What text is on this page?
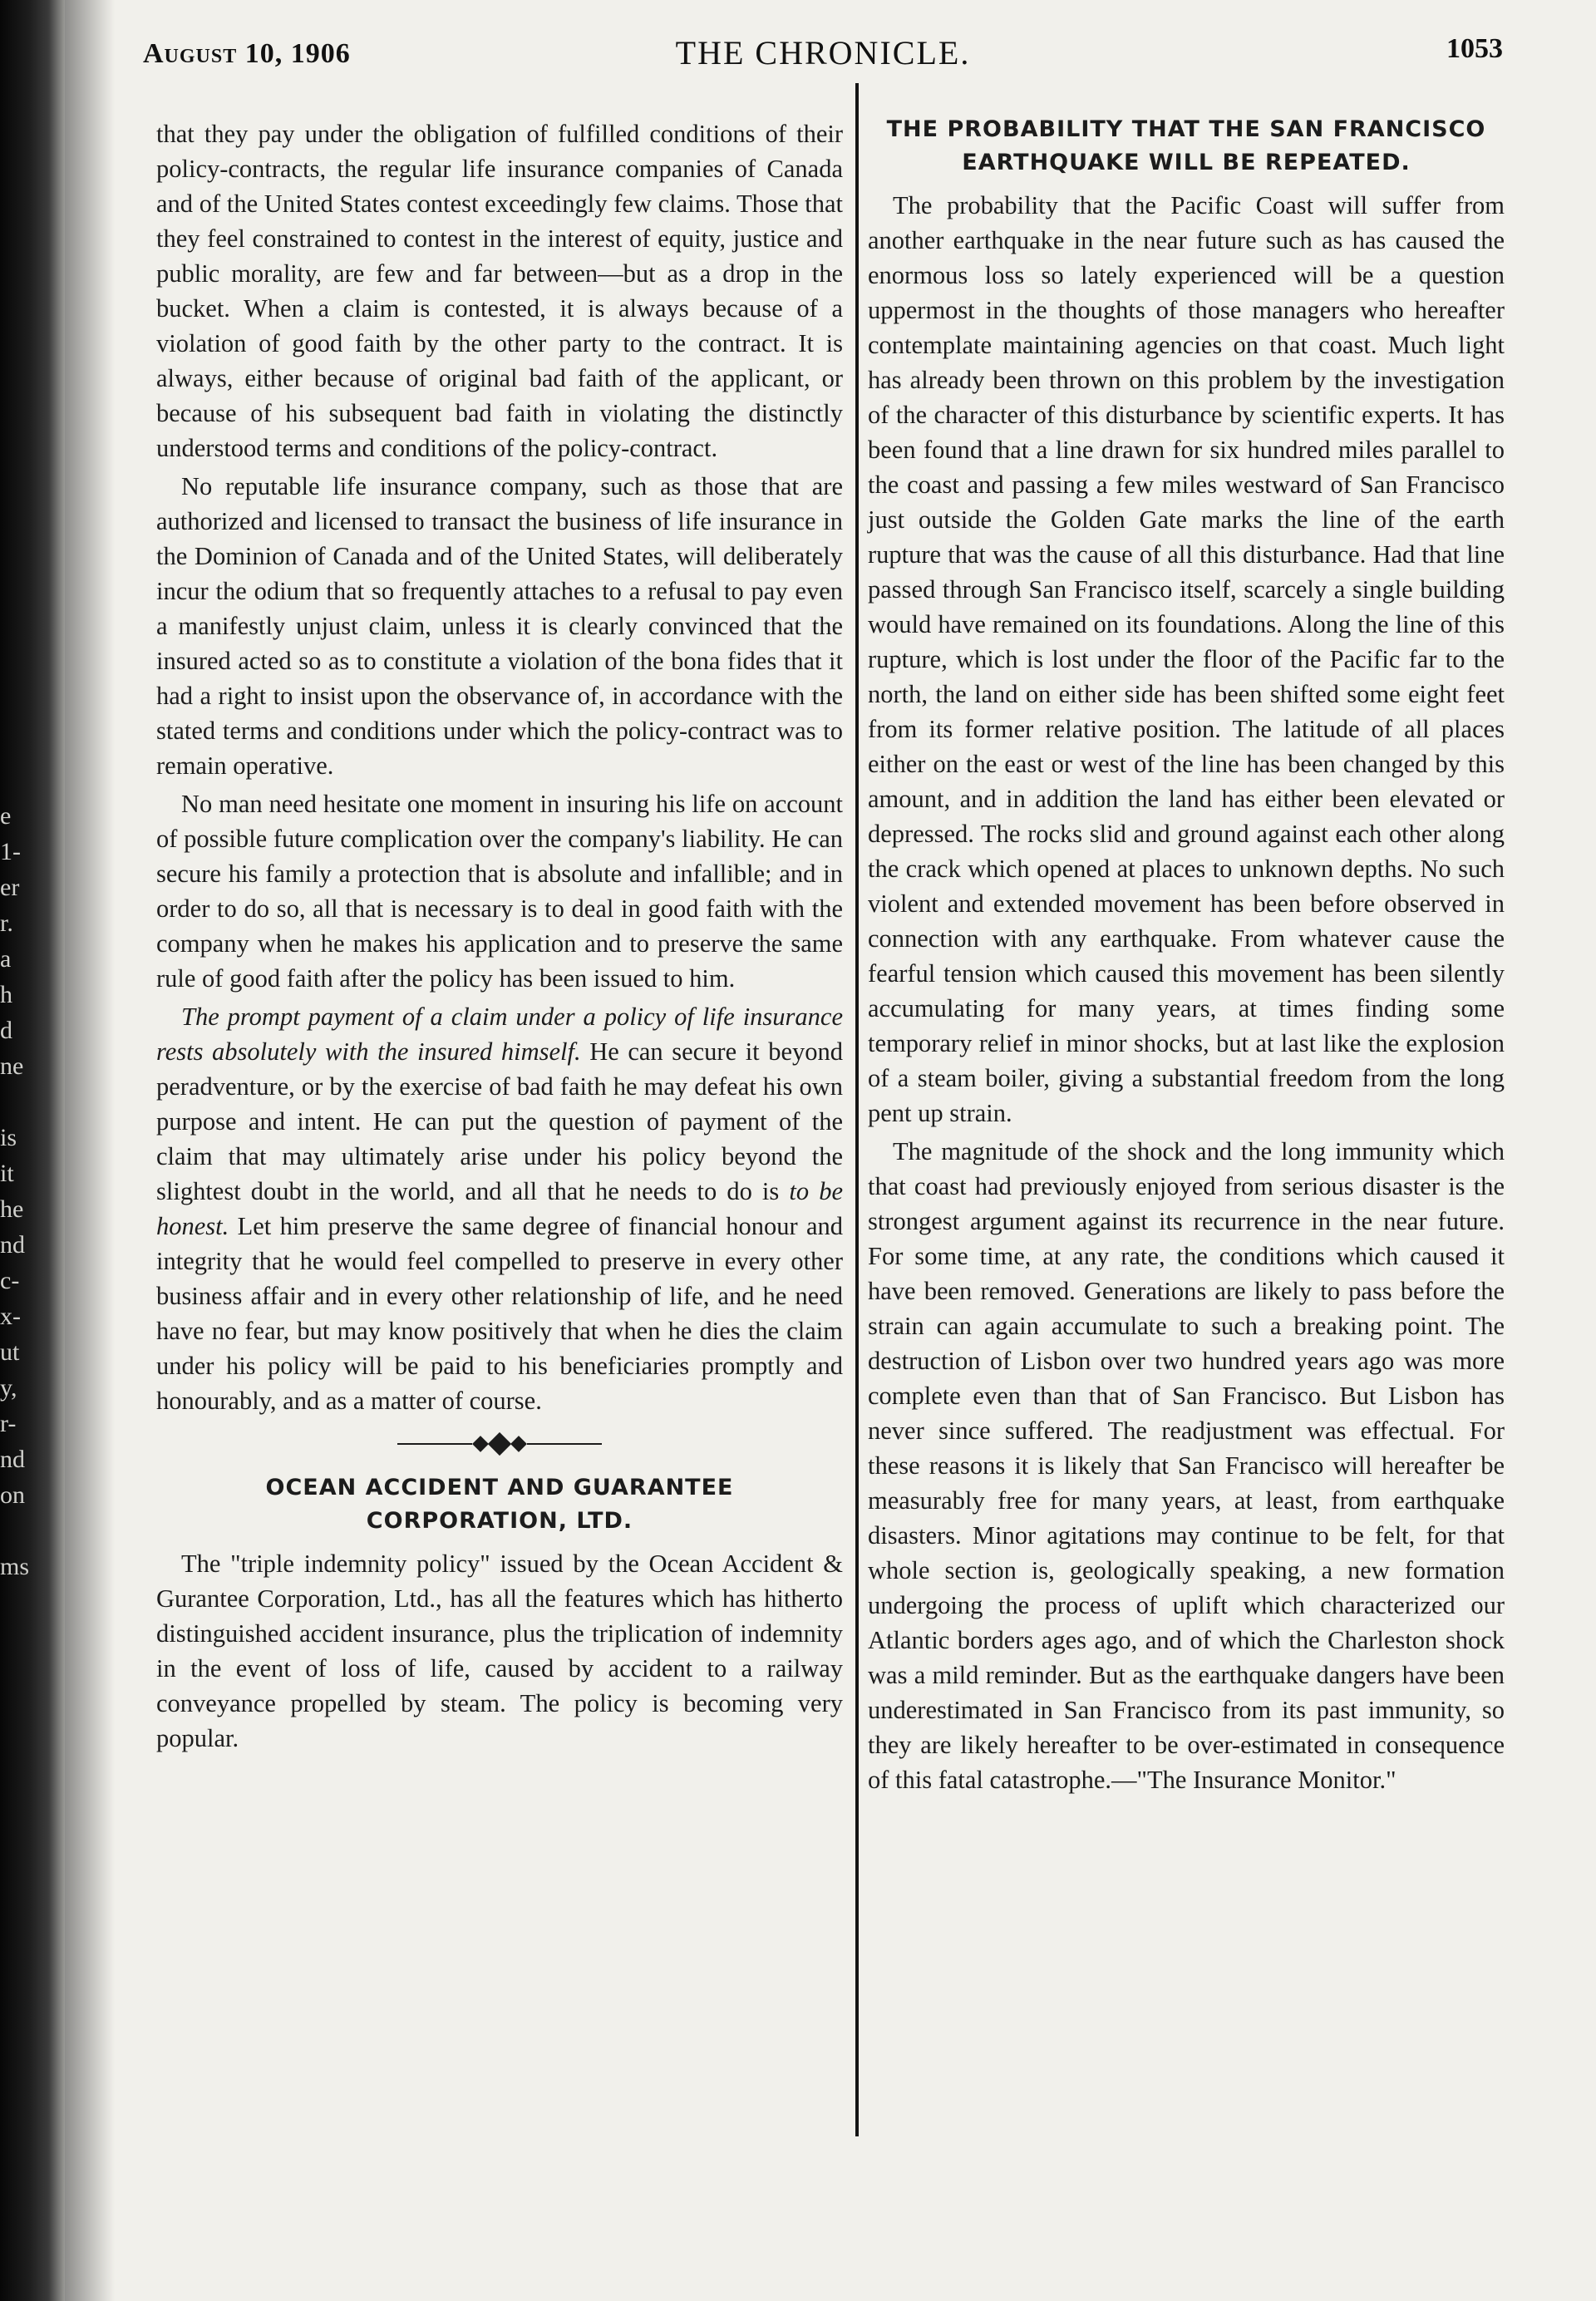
e
1-
er
r.
a
h
d
ne
is
it
he
nd
c-
x-
ut
y,
r-
nd
on
ms
August 10, 1906	THE CHRONICLE.	1053

that they pay under the obligation of fulfilled conditions of their policy-contracts, the regular life insurance companies of Canada and of the United States contest exceedingly few claims. Those that they feel constrained to contest in the interest of equity, justice and public morality, are few and far between—but as a drop in the bucket. When a claim is contested, it is always because of a violation of good faith by the other party to the contract. It is always, either because of original bad faith of the applicant, or because of his subsequent bad faith in violating the distinctly understood terms and conditions of the policy-contract.

No reputable life insurance company, such as those that are authorized and licensed to transact the business of life insurance in the Dominion of Canada and of the United States, will deliberately incur the odium that so frequently attaches to a refusal to pay even a manifestly unjust claim, unless it is clearly convinced that the insured acted so as to constitute a violation of the bona fides that it had a right to insist upon the observance of, in accordance with the stated terms and conditions under which the policy-contract was to remain operative.

No man need hesitate one moment in insuring his life on account of possible future complication over the company's liability. He can secure his family a protection that is absolute and infallible; and in order to do so, all that is necessary is to deal in good faith with the company when he makes his application and to preserve the same rule of good faith after the policy has been issued to him.

The prompt payment of a claim under a policy of life insurance rests absolutely with the insured himself. He can secure it beyond peradventure, or by the exercise of bad faith he may defeat his own purpose and intent. He can put the question of payment of the claim that may ultimately arise under his policy beyond the slightest doubt in the world, and all that he needs to do is to be honest. Let him preserve the same degree of financial honour and integrity that he would feel compelled to preserve in every other business affair and in every other relationship of life, and he need have no fear, but may know positively that when he dies the claim under his policy will be paid to his beneficiaries promptly and honourably, and as a matter of course.

OCEAN ACCIDENT AND GUARANTEE
CORPORATION, LTD.

The "triple indemnity policy" issued by the Ocean Accident & Gurantee Corporation, Ltd., has all the features which has hitherto distinguished accident insurance, plus the triplication of indemnity in the event of loss of life, caused by accident to a railway conveyance propelled by steam. The policy is becoming very popular.

THE PROBABILITY THAT THE SAN FRANCISCO
EARTHQUAKE WILL BE REPEATED.

The probability that the Pacific Coast will suffer from another earthquake in the near future such as has caused the enormous loss so lately experienced will be a question uppermost in the thoughts of those managers who hereafter contemplate maintaining agencies on that coast. Much light has already been thrown on this problem by the investigation of the character of this disturbance by scientific experts. It has been found that a line drawn for six hundred miles parallel to the coast and passing a few miles westward of San Francisco just outside the Golden Gate marks the line of the earth rupture that was the cause of all this disturbance. Had that line passed through San Francisco itself, scarcely a single building would have remained on its foundations. Along the line of this rupture, which is lost under the floor of the Pacific far to the north, the land on either side has been shifted some eight feet from its former relative position. The latitude of all places either on the east or west of the line has been changed by this amount, and in addition the land has either been elevated or depressed. The rocks slid and ground against each other along the crack which opened at places to unknown depths. No such violent and extended movement has been before observed in connection with any earthquake. From whatever cause the fearful tension which caused this movement has been silently accumulating for many years, at times finding some temporary relief in minor shocks, but at last like the explosion of a steam boiler, giving a substantial freedom from the long pent up strain.

The magnitude of the shock and the long immunity which that coast had previously enjoyed from serious disaster is the strongest argument against its recurrence in the near future. For some time, at any rate, the conditions which caused it have been removed. Generations are likely to pass before the strain can again accumulate to such a breaking point. The destruction of Lisbon over two hundred years ago was more complete even than that of San Francisco. But Lisbon has never since suffered. The readjustment was effectual. For these reasons it is likely that San Francisco will hereafter be measurably free for many years, at least, from earthquake disasters. Minor agitations may continue to be felt, for that whole section is, geologically speaking, a new formation undergoing the process of uplift which characterized our Atlantic borders ages ago, and of which the Charleston shock was a mild reminder. But as the earthquake dangers have been underestimated in San Francisco from its past immunity, so they are likely hereafter to be over-estimated in consequence of this fatal catastrophe.—"The Insurance Monitor."
